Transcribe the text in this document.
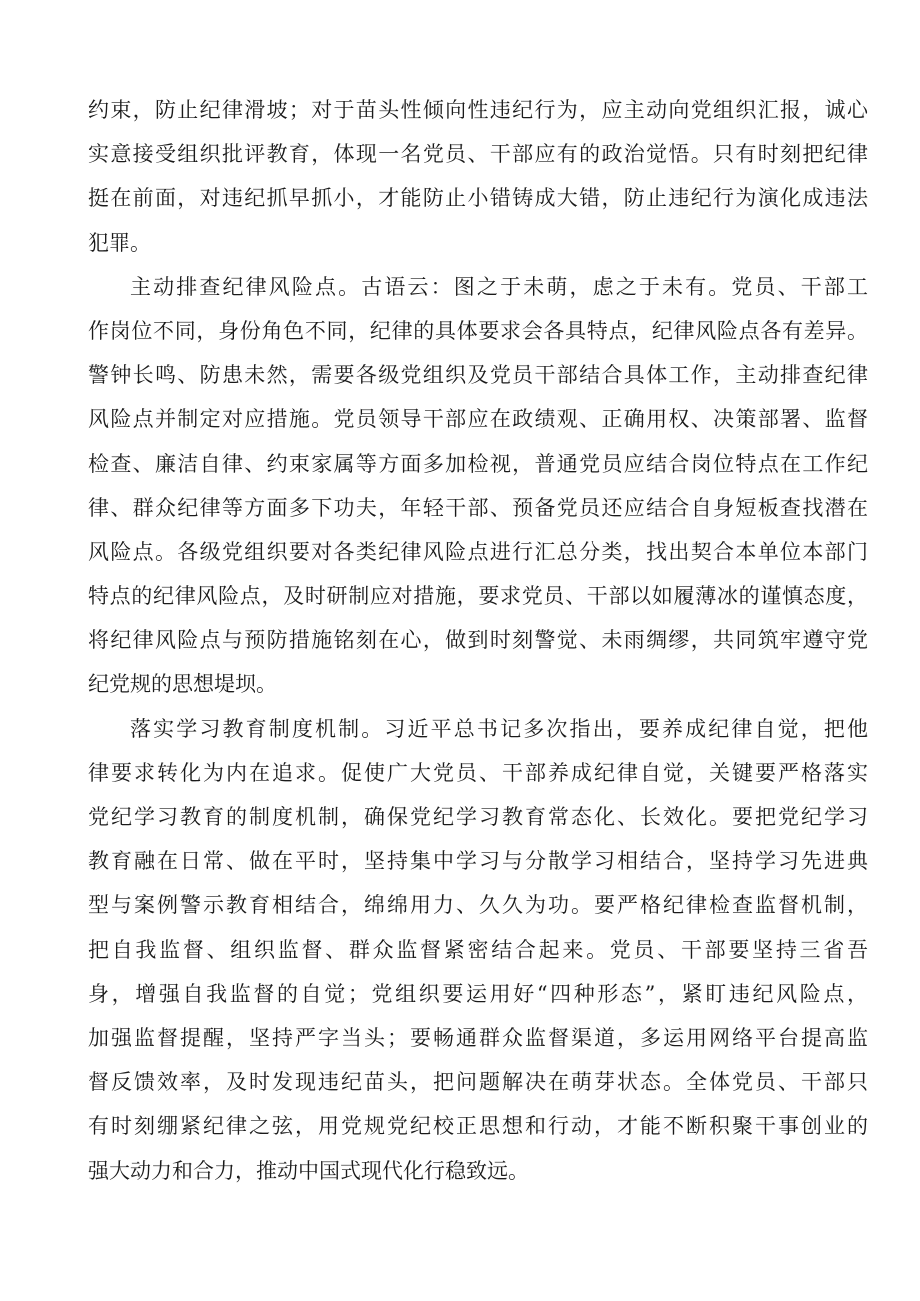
约束，防止纪律滑坡；对于苗头性倾向性违纪行为，应主动向党组织汇报，诚心
实意接受组织批评教育，体现一名党员、干部应有的政治觉悟。只有时刻把纪律
挺在前面，对违纪抓早抓小，才能防止小错铸成大错，防止违纪行为演化成违法
犯罪。
主动排查纪律风险点。古语云：图之于未萌，虑之于未有。党员、干部工
作岗位不同，身份角色不同，纪律的具体要求会各具特点，纪律风险点各有差异。
警钟长鸣、防患未然，需要各级党组织及党员干部结合具体工作，主动排查纪律
风险点并制定对应措施。党员领导干部应在政绩观、正确用权、决策部署、监督
检查、廉洁自律、约束家属等方面多加检视，普通党员应结合岗位特点在工作纪
律、群众纪律等方面多下功夫，年轻干部、预备党员还应结合自身短板查找潜在
风险点。各级党组织要对各类纪律风险点进行汇总分类，找出契合本单位本部门
特点的纪律风险点，及时研制应对措施，要求党员、干部以如履薄冰的谨慎态度，
将纪律风险点与预防措施铭刻在心，做到时刻警觉、未雨绸缪，共同筑牢遵守党
纪党规的思想堤坝。
落实学习教育制度机制。习近平总书记多次指出，要养成纪律自觉，把他
律要求转化为内在追求。促使广大党员、干部养成纪律自觉，关键要严格落实
党纪学习教育的制度机制，确保党纪学习教育常态化、长效化。要把党纪学习
教育融在日常、做在平时，坚持集中学习与分散学习相结合，坚持学习先进典
型与案例警示教育相结合，绵绵用力、久久为功。要严格纪律检查监督机制，
把自我监督、组织监督、群众监督紧密结合起来。党员、干部要坚持三省吾
身，增强自我监督的自觉；党组织要运用好“四种形态”，紧盯违纪风险点，
加强监督提醒，坚持严字当头；要畅通群众监督渠道，多运用网络平台提高监
督反馈效率，及时发现违纪苗头，把问题解决在萌芽状态。全体党员、干部只
有时刻绷紧纪律之弦，用党规党纪校正思想和行动，才能不断积聚干事创业的
强大动力和合力，推动中国式现代化行稳致远。
